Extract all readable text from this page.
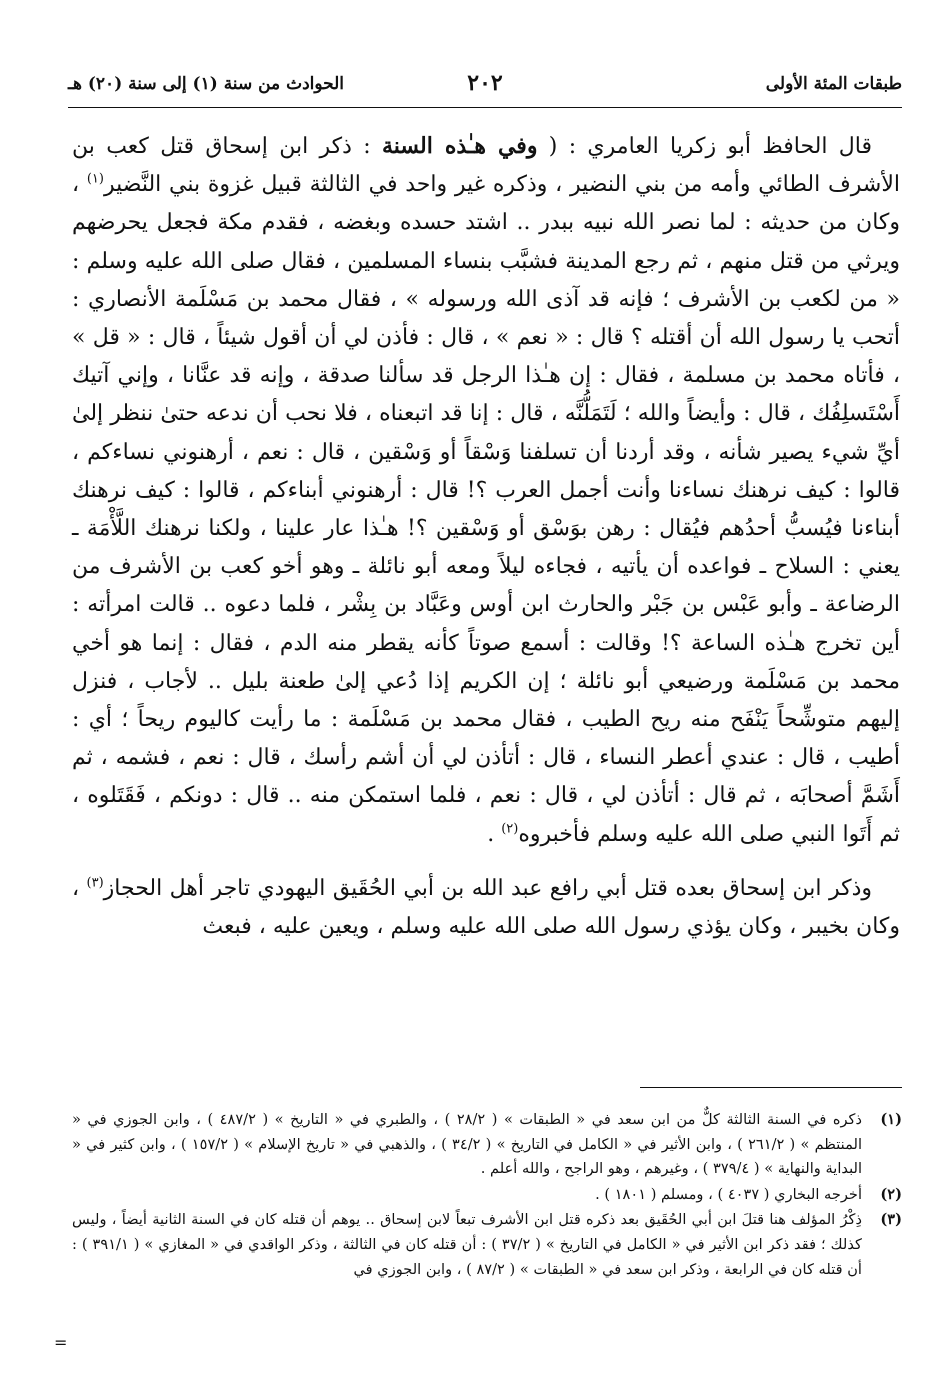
طبقات المئة الأولى
٢٠٢
الحوادث من سنة (١) إلى سنة (٢٠) هـ

قال الحافظ أبو زكريا العامري : ( وفي هـٰذه السنة : ذكر ابن إسحاق قتل كعب بن الأشرف الطائي وأمه من بني النضير ، وذكره غير واحد في الثالثة قبيل غزوة بني النَّضير$^{(١)}$ ، وكان من حديثه : لما نصر الله نبيه ببدر .. اشتد حسده وبغضه ، فقدم مكة فجعل يحرضهم ويرثي من قتل منهم ، ثم رجع المدينة فشبَّب بنساء المسلمين ، فقال صلى الله عليه وسلم : « من لكعب بن الأشرف ؛ فإنه قد آذى الله ورسوله » ، فقال محمد بن مَسْلَمة الأنصاري : أتحب يا رسول الله أن أقتله ؟ قال : « نعم » ، قال : فأذن لي أن أقول شيئاً ، قال : « قل » ، فأتاه محمد بن مسلمة ، فقال : إن هـٰذا الرجل قد سألنا صدقة ، وإنه قد عنَّانا ، وإني آتيك أَسْتَسلِفُك ، قال : وأيضاً والله ؛ لَتَمَلُّنَّه ، قال : إنا قد اتبعناه ، فلا نحب أن ندعه حتىٰ ننظر إلىٰ أيِّ شيء يصير شأنه ، وقد أردنا أن تسلفنا وَسْقاً أو وَسْقين ، قال : نعم ، أرهنوني نساءكم ، قالوا : كيف نرهنك نساءنا وأنت أجمل العرب ؟! قال : أرهنوني أبناءكم ، قالوا : كيف نرهنك أبناءنا فيُسبُّ أحدُهم فيُقال : رهن بوَسْق أو وَسْقين ؟! هـٰذا عار علينا ، ولكنا نرهنك اللَّأْمَة ـ يعني : السلاح ـ فواعده أن يأتيه ، فجاءه ليلاً ومعه أبو نائلة ـ وهو أخو كعب بن الأشرف من الرضاعة ـ وأبو عَبْس بن جَبْر والحارث ابن أوس وعَبَّاد بن بِشْر ، فلما دعوه .. قالت امرأته : أين تخرج هـٰذه الساعة ؟! وقالت : أسمع صوتاً كأنه يقطر منه الدم ، فقال : إنما هو أخي محمد بن مَسْلَمة ورضيعي أبو نائلة ؛ إن الكريم إذا دُعي إلىٰ طعنة بليل .. لأجاب ، فنزل إليهم متوشِّحاً يَنْفَح منه ريح الطيب ، فقال محمد بن مَسْلَمة : ما رأيت كاليوم ريحاً ؛ أي : أطيب ، قال : عندي أعطر النساء ، قال : أتأذن لي أن أشم رأسك ، قال : نعم ، فشمه ، ثم أَشَمَّ أصحابَه ، ثم قال : أتأذن لي ، قال : نعم ، فلما استمكن منه .. قال : دونكم ، فَقَتَلوه ، ثم أَتَوا النبي صلى الله عليه وسلم فأخبروه$^{(٢)}$ .

وذكر ابن إسحاق بعده قتل أبي رافع عبد الله بن أبي الحُقَيق اليهودي تاجر أهل الحجاز$^{(٣)}$ ، وكان بخيبر ، وكان يؤذي رسول الله صلى الله عليه وسلم ، ويعين عليه ، فبعث

(١)
ذكره في السنة الثالثة كلٌّ من ابن سعد في « الطبقات » ( ٢٨/٢ ) ، والطبري في « التاريخ » ( ٤٨٧/٢ ) ، وابن الجوزي في « المنتظم » ( ٢٦١/٢ ) ، وابن الأثير في « الكامل في التاريخ » ( ٣٤/٢ ) ، والذهبي في « تاريخ الإسلام » ( ١٥٧/٢ ) ، وابن كثير في « البداية والنهاية » ( ٣٧٩/٤ ) ، وغيرهم ، وهو الراجح ، والله أعلم .
(٢)
أخرجه البخاري ( ٤٠٣٧ ) ، ومسلم ( ١٨٠١ ) .
(٣)
ذِكْرُ المؤلف هنا قتلَ ابن أبي الحُقَيق بعد ذكره قتل ابن الأشرف تبعاً لابن إسحاق .. يوهم أن قتله كان في السنة الثانية أيضاً ، وليس كذلك ؛ فقد ذكر ابن الأثير في « الكامل في التاريخ » ( ٣٧/٢ ) : أن قتله كان في الثالثة ، وذكر الواقدي في « المغازي » ( ٣٩١/١ ) : أن قتله كان في الرابعة ، وذكر ابن سعد في « الطبقات » ( ٨٧/٢ ) ، وابن الجوزي في
=
